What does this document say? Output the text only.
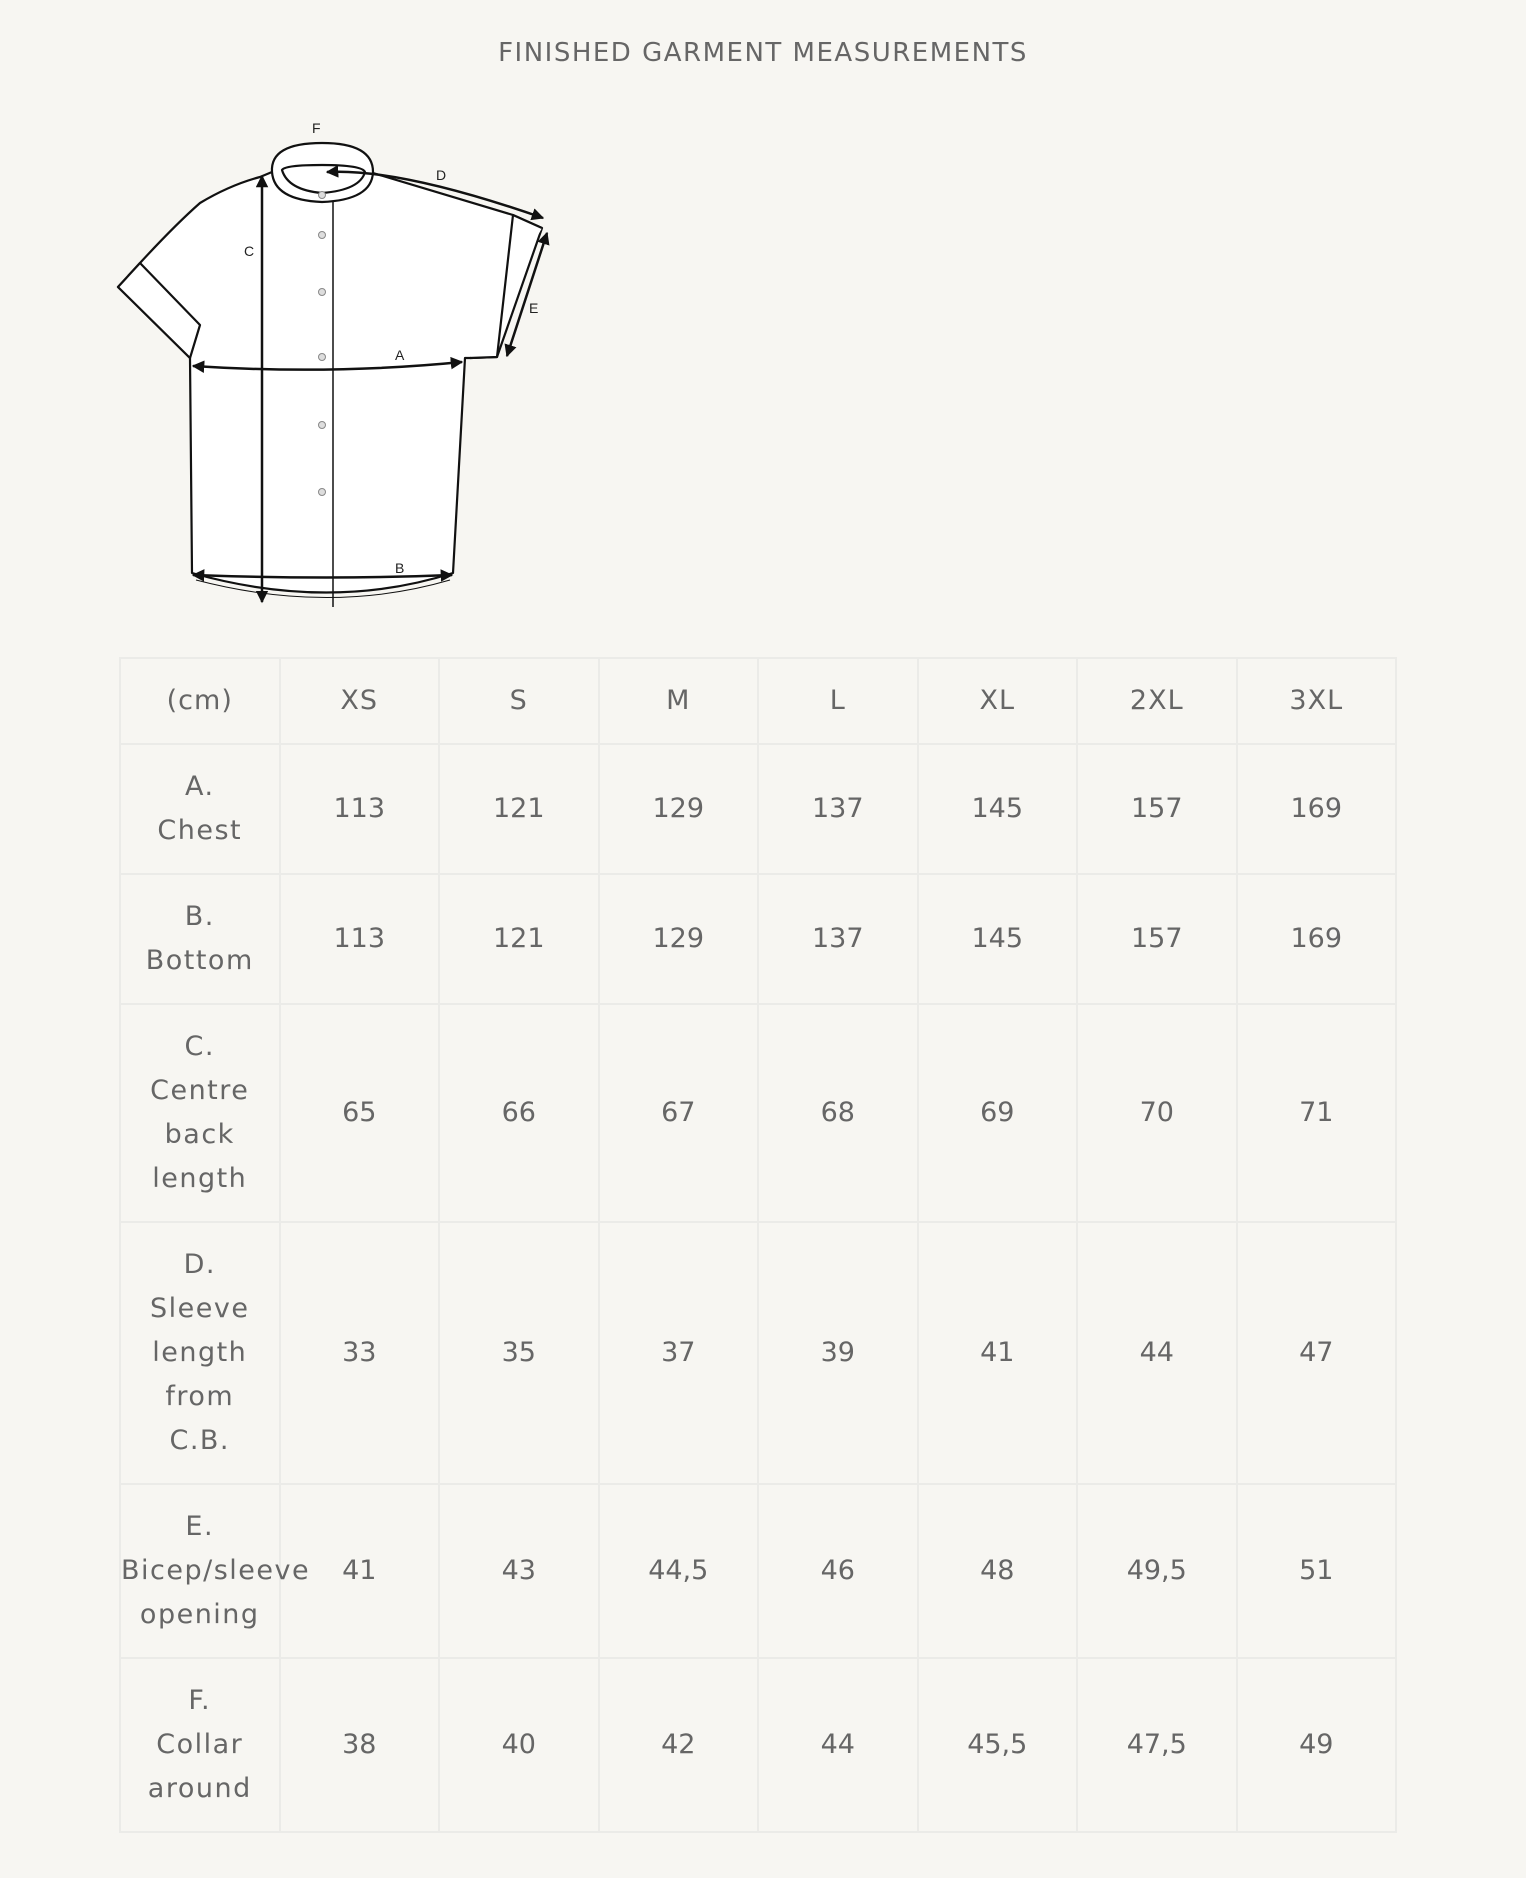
FINISHED GARMENT MEASUREMENTS
F
D
C
E
A
B
(cm)	XS	S	M	L	XL	2XL	3XL
A. Chest	113	121	129	137	145	157	169
B. Bottom	113	121	129	137	145	157	169
C. Centre back length	65	66	67	68	69	70	71
D. Sleeve length from C.B.	33	35	37	39	41	44	47
E. Bicep/sleeve opening	41	43	44,5	46	48	49,5	51
F. Collar around	38	40	42	44	45,5	47,5	49
